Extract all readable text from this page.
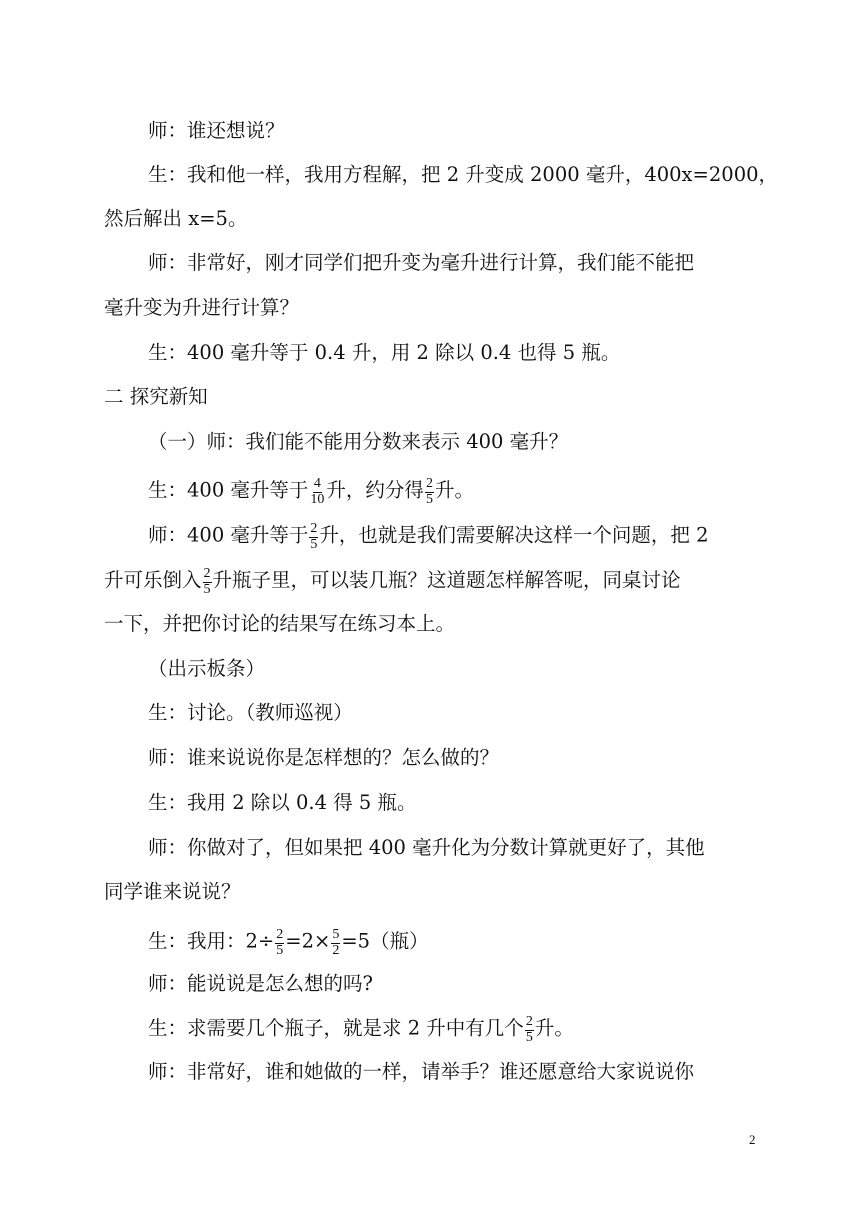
师：谁还想说？
生：我和他一样，我用方程解，把 2 升变成 2000 毫升，400x=2000，
然后解出 x=5。
师：非常好，刚才同学们把升变为毫升进行计算，我们能不能把
毫升变为升进行计算？
生：400 毫升等于 0.4 升，用 2 除以 0.4 也得 5 瓶。
二 探究新知
（一）师：我们能不能用分数来表示 400 毫升？
生：400 毫升等于 $\frac{4}{10}$ 升，约分得 $\frac{2}{5}$ 升。
师：400 毫升等于 $\frac{2}{5}$ 升，也就是我们需要解决这样一个问题，把 2
升可乐倒入 $\frac{2}{5}$ 升瓶子里，可以装几瓶？这道题怎样解答呢，同桌讨论
一下，并把你讨论的结果写在练习本上。
（出示板条）
生：讨论。（教师巡视）
师：谁来说说你是怎样想的？怎么做的？
生：我用 2 除以 0.4 得 5 瓶。
师：你做对了，但如果把 400 毫升化为分数计算就更好了，其他
同学谁来说说？
生：我用：$2\div \frac{2}{5} =2\times \frac{5}{2} =5$（瓶）
师：能说说是怎么想的吗?
生：求需要几个瓶子，就是求 2 升中有几个 $\frac{2}{5}$ 升。
师：非常好，谁和她做的一样，请举手？谁还愿意给大家说说你
2
